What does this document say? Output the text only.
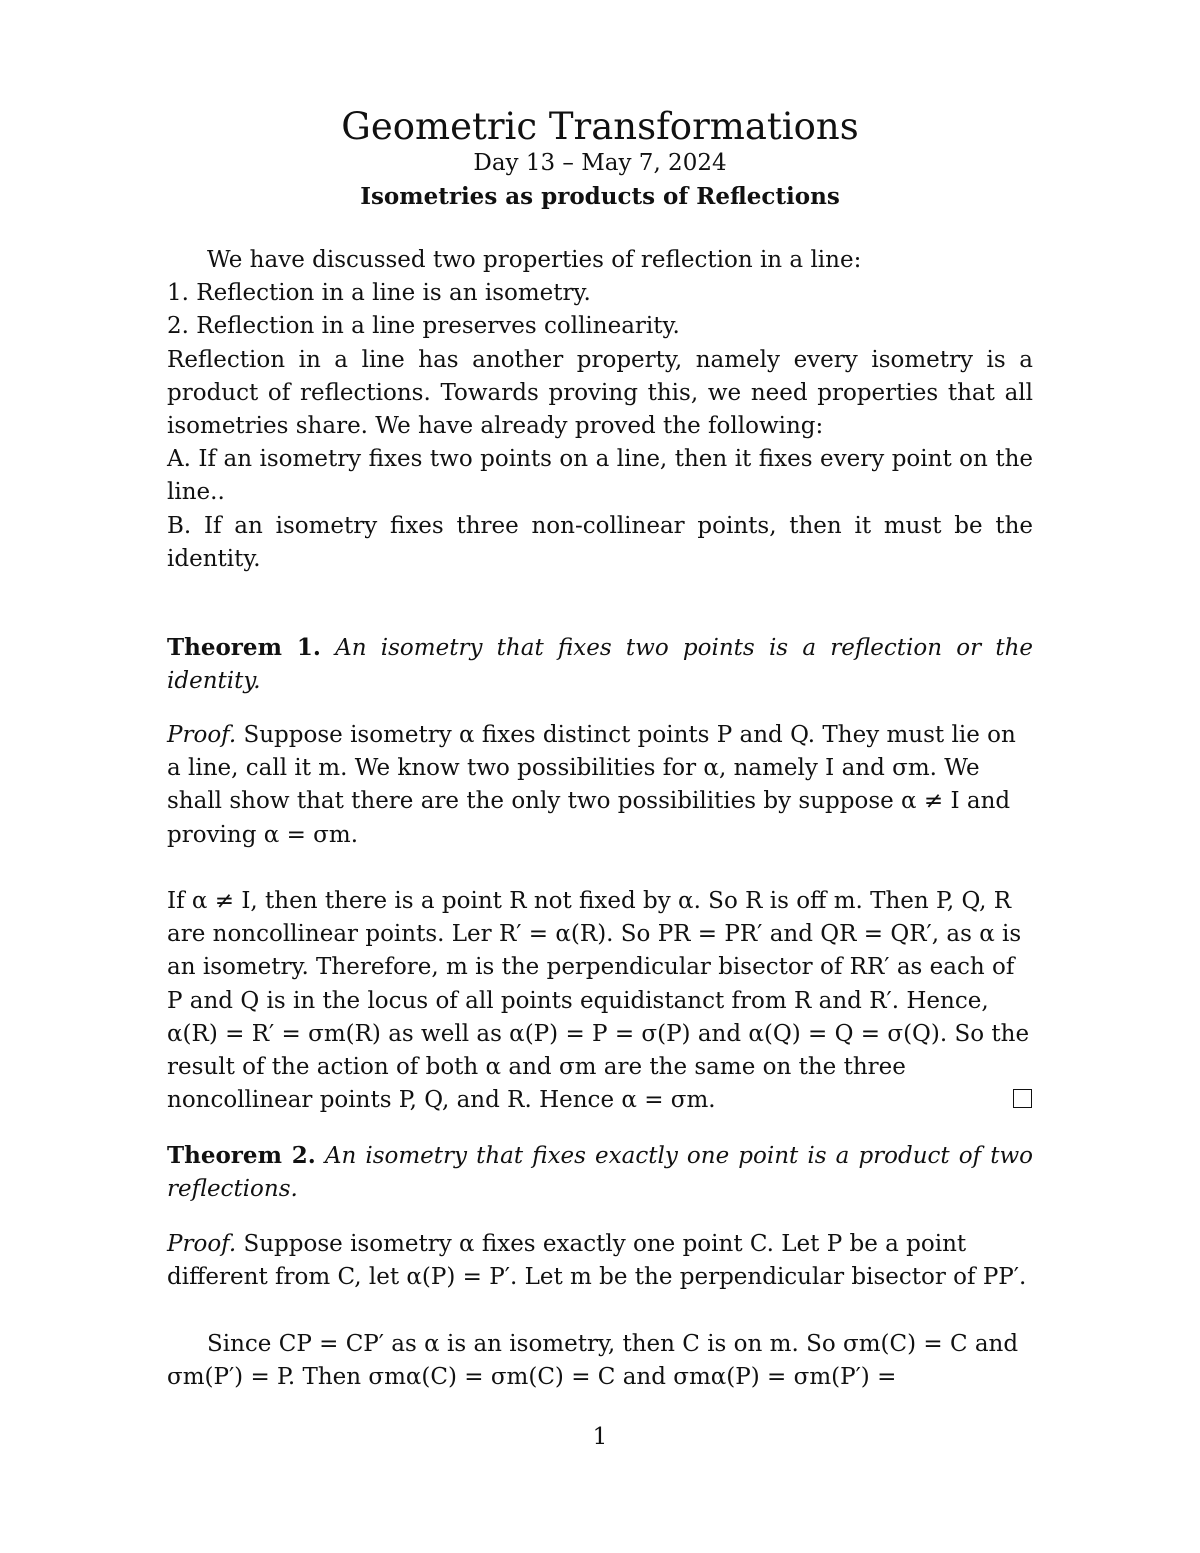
Geometric Transformations
Day 13 – May 7, 2024
Isometries as products of Reflections
We have discussed two properties of reflection in a line:
1. Reflection in a line is an isometry.
2. Reflection in a line preserves collinearity.
Reflection in a line has another property, namely every isometry is a product of reflections. Towards proving this, we need properties that all isometries share. We have already proved the following:
A. If an isometry fixes two points on a line, then it fixes every point on the line..
B. If an isometry fixes three non-collinear points, then it must be the identity.
Theorem 1. An isometry that fixes two points is a reflection or the identity.
Proof. Suppose isometry α fixes distinct points P and Q. They must lie on a line, call it m. We know two possibilities for α, namely I and σm. We shall show that there are the only two possibilities by suppose α ≠ I and proving α = σm.
If α ≠ I, then there is a point R not fixed by α. So R is off m. Then P, Q, R are noncollinear points. Ler R′ = α(R). So PR = PR′ and QR = QR′, as α is an isometry. Therefore, m is the perpendicular bisector of RR′ as each of P and Q is in the locus of all points equidistanct from R and R′. Hence, α(R) = R′ = σm(R) as well as α(P) = P = σ(P) and α(Q) = Q = σ(Q). So the result of the action of both α and σm are the same on the three noncollinear points P, Q, and R. Hence α = σm.
Theorem 2. An isometry that fixes exactly one point is a product of two reflections.
Proof. Suppose isometry α fixes exactly one point C. Let P be a point different from C, let α(P) = P′. Let m be the perpendicular bisector of PP′.
Since CP = CP′ as α is an isometry, then C is on m. So σm(C) = C and σm(P′) = P. Then σmα(C) = σm(C) = C and σmα(P) = σm(P′) =
1
